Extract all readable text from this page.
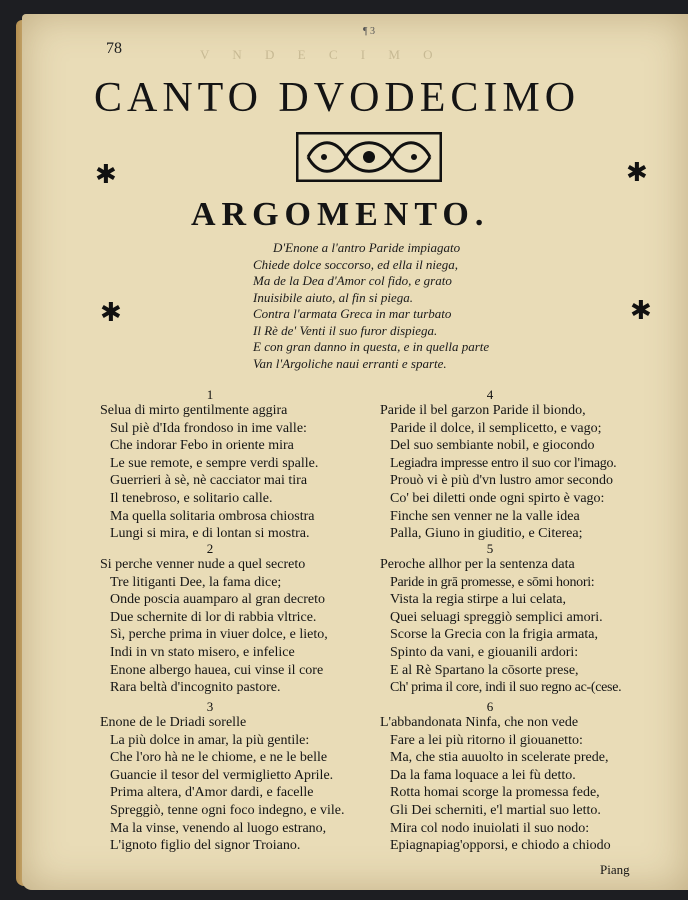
¶ 3
78	V N D E C I M O
CANTO DVODECIMO
✱	✱
✱	✱
ARGOMENTO.
D'Enone a l'antro Paride impiagato
Chiede dolce soccorso, ed ella il niega,
Ma de la Dea d'Amor col fido, e grato
Inuisibile aiuto, al fin si piega.
Contra l'armata Greca in mar turbato
Il Rè de' Venti il suo furor dispiega.
E con gran danno in questa, e in quella parte
Van l'Argoliche naui erranti e sparte.
1
Selua di mirto gentilmente aggira
Sul piè d'Ida frondoso in ime valle:
Che indorar Febo in oriente mira
Le sue remote, e sempre verdi spalle.
Guerrieri à sè, nè cacciator mai tira
Il tenebroso, e solitario calle.
Ma quella solitaria ombrosa chiostra
Lungi si mira, e di lontan si mostra.
2
Si perche venner nude a quel secreto
Tre litiganti Dee, la fama dice;
Onde poscia auamparo al gran decreto
Due schernite di lor di rabbia vltrice.
Sì, perche prima in viuer dolce, e lieto,
Indi in vn stato misero, e infelice
Enone albergo hauea, cui vinse il core
Rara beltà d'incognito pastore.
3
Enone de le Driadi sorelle
La più dolce in amar, la più gentile:
Che l'oro hà ne le chiome, e ne le belle
Guancie il tesor del vermiglietto Aprile.
Prima altera, d'Amor dardi, e facelle
Spreggiò, tenne ogni foco indegno, e vile.
Ma la vinse, venendo al luogo estrano,
L'ignoto figlio del signor Troiano.
4
Paride il bel garzon Paride il biondo,
Paride il dolce, il semplicetto, e vago;
Del suo sembiante nobil, e giocondo
Legiadra impresse entro il suo cor l'imago.
Prouò vi è più d'vn lustro amor secondo
Co' bei diletti onde ogni spirto è vago:
Finche sen venner ne la valle idea
Palla, Giuno in giuditio, e Citerea;
5
Peroche allhor per la sentenza data
Paride in grā promesse, e sōmi honori:
Vista la regia stirpe a lui celata,
Quei seluagi spreggiò semplici amori.
Scorse la Grecia con la frigia armata,
Spinto da vani, e giouanili ardori:
E al Rè Spartano la cōsorte prese,
Ch' prima il core, indi il suo regno ac-(cese.
6
L'abbandonata Ninfa, che non vede
Fare a lei più ritorno il giouanetto:
Ma, che stia auuolto in scelerate prede,
Da la fama loquace a lei fù detto.
Rotta homai scorge la promessa fede,
Gli Dei scherniti, e'l martial suo letto.
Mira col nodo inuiolati il suo nodo:
Epiagnapiag'opporsi, e chiodo a chiodo
Piang
